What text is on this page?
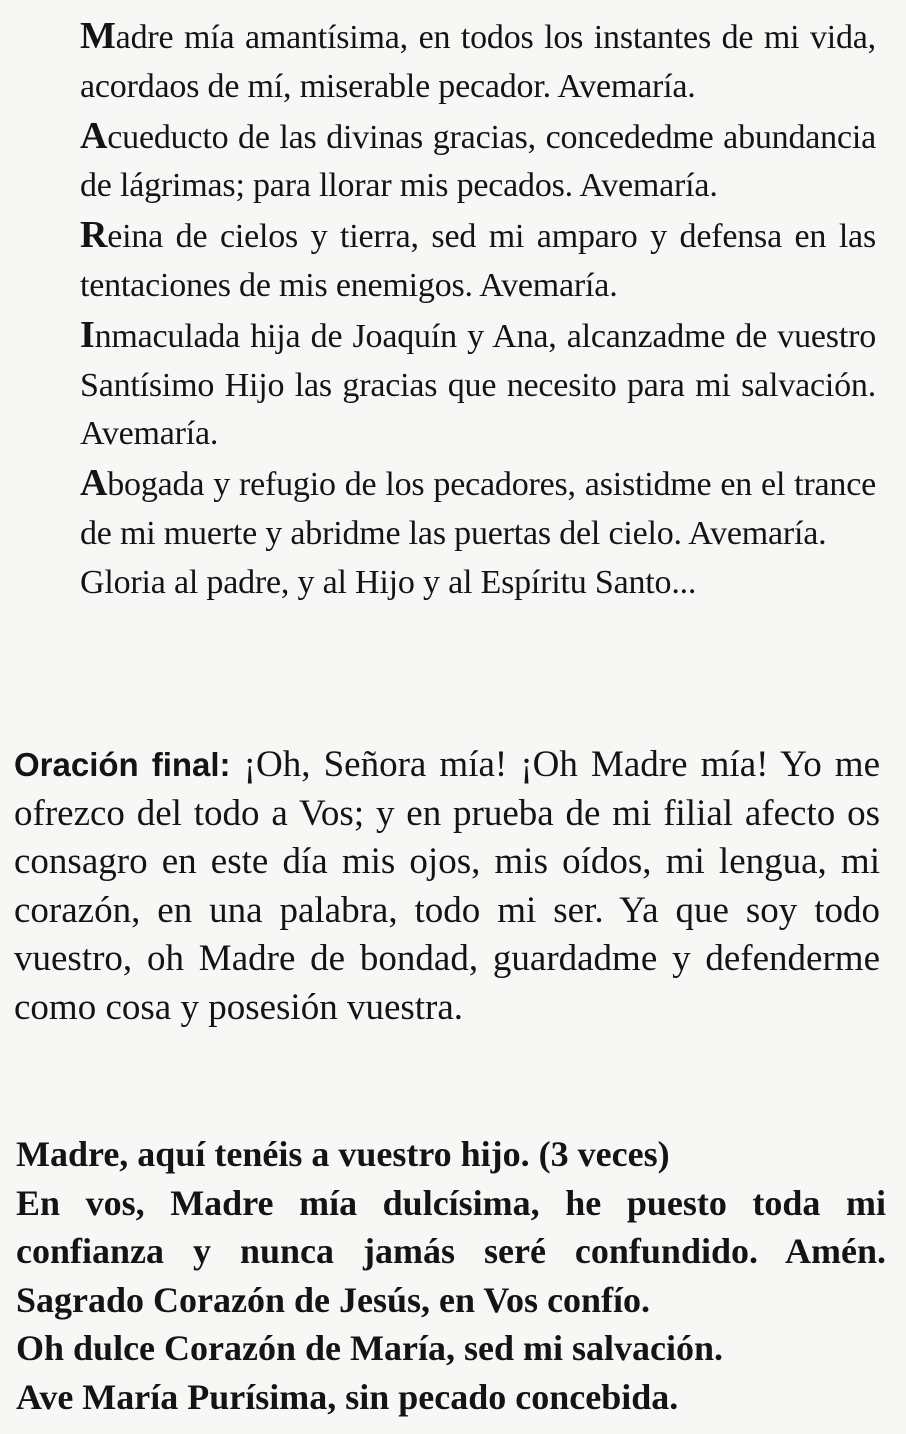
Madre mía amantísima, en todos los instantes de mi vida, acordaos de mí, miserable pecador. Avemaría.

Acueducto de las divinas gracias, concededme abundancia de lágrimas; para llorar mis pecados. Avemaría.

Reina de cielos y tierra, sed mi amparo y defensa en las tentaciones de mis enemigos. Avemaría.

Inmaculada hija de Joaquín y Ana, alcanzadme de vuestro Santísimo Hijo las gracias que necesito para mi salvación. Avemaría.

Abogada y refugio de los pecadores, asistidme en el trance de mi muerte y abridme las puertas del cielo. Avemaría.

Gloria al padre, y al Hijo y al Espíritu Santo...

Oración final: ¡Oh, Señora mía! ¡Oh Madre mía! Yo me ofrezco del todo a Vos; y en prueba de mi filial afecto os consagro en este día mis ojos, mis oídos, mi lengua, mi corazón, en una palabra, todo mi ser. Ya que soy todo vuestro, oh Madre de bondad, guardadme y defenderme como cosa y posesión vuestra.

Madre, aquí tenéis a vuestro hijo. (3 veces)

En vos, Madre mía dulcísima, he puesto toda mi

confianza y nunca jamás seré confundido. Amén.

Sagrado Corazón de Jesús, en Vos confío.

Oh dulce Corazón de María, sed mi salvación.

Ave María Purísima, sin pecado concebida.
